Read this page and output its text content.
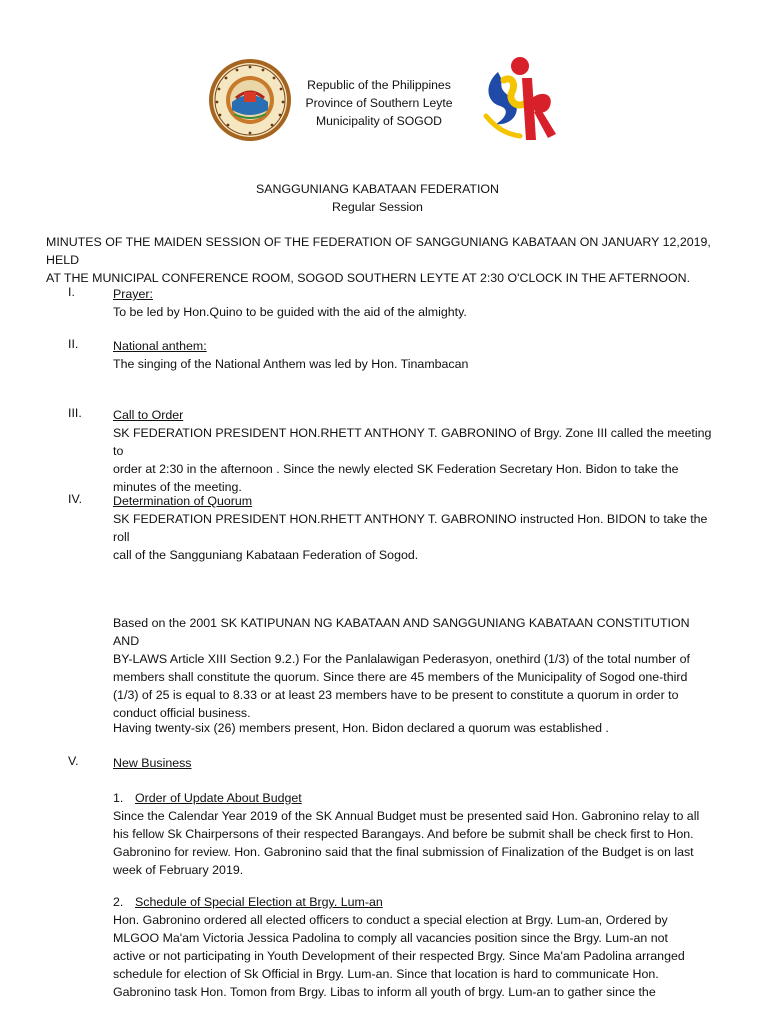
Republic of the Philippines
Province of Southern Leyte
Municipality of SOGOD
SANGGUNIANG KABATAAN FEDERATION
Regular Session
MINUTES OF THE MAIDEN SESSION OF THE FEDERATION OF SANGGUNIANG KABATAAN ON JANUARY 12,2019, HELD
AT THE MUNICIPAL CONFERENCE ROOM, SOGOD SOUTHERN LEYTE AT 2:30 O'CLOCK IN THE AFTERNOON.
I.	Prayer:
To be led by Hon.Quino to be guided with the aid of the almighty.
II.	National anthem:
The singing of the National Anthem was led by Hon. Tinambacan
III.	Call to Order
SK FEDERATION PRESIDENT HON.RHETT ANTHONY T. GABRONINO of Brgy. Zone III called the meeting to
order at 2:30 in the afternoon . Since the newly elected SK Federation Secretary Hon. Bidon to take the
minutes of the meeting.
IV. Determination of Quorum
SK FEDERATION PRESIDENT HON.RHETT ANTHONY T. GABRONINO instructed Hon. BIDON to take the roll
call of the Sangguniang Kabataan Federation of Sogod.
Based on the 2001 SK KATIPUNAN NG KABATAAN AND SANGGUNIANG KABATAAN CONSTITUTION AND
BY-LAWS Article XIII Section 9.2.) For the Panlalawigan Pederasyon, onethird (1/3) of the total number of
members shall constitute the quorum. Since there are 45 members of the Municipality of Sogod one-third
(1/3) of 25 is equal to 8.33 or at least 23 members have to be present to constitute a quorum in order to
conduct official business.
Having twenty-six (26) members present, Hon. Bidon declared a quorum was established .
V.	New Business
1. Order of Update About Budget
Since the Calendar Year 2019 of the SK Annual Budget must be presented said Hon. Gabronino relay to all
his fellow Sk Chairpersons of their respected Barangays. And before be submit shall be check first to Hon.
Gabronino for review. Hon. Gabronino said that the final submission of Finalization of the Budget is on last
week of February 2019.
2. Schedule of Special Election at Brgy. Lum-an
Hon. Gabronino ordered all elected officers to conduct a special election at Brgy. Lum-an, Ordered by
MLGOO Ma'am Victoria Jessica Padolina to comply all vacancies position since the Brgy. Lum-an not
active or not participating in Youth Development of their respected Brgy. Since Ma'am Padolina arranged
schedule for election of Sk Official in Brgy. Lum-an. Since that location is hard to communicate Hon.
Gabronino task Hon. Tomon from Brgy. Libas to inform all youth of brgy. Lum-an to gather since the
